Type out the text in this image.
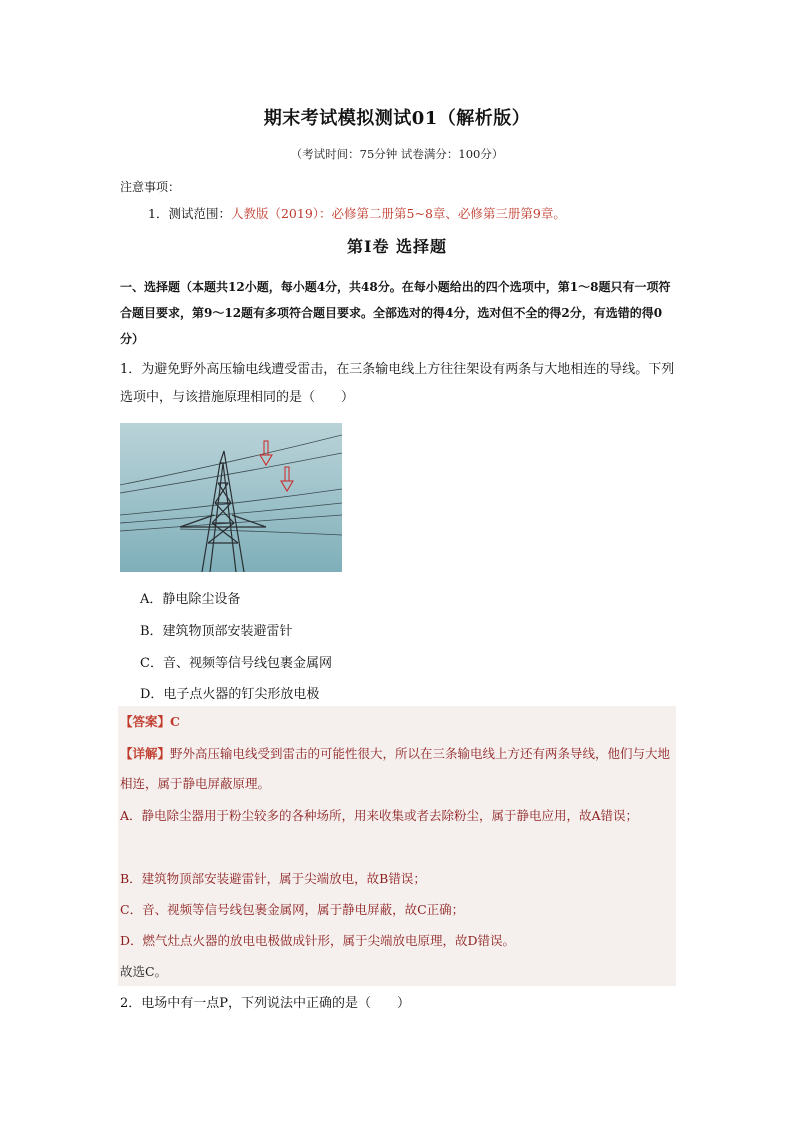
期末考试模拟测试01（解析版）
（考试时间：75分钟 试卷满分：100分）
注意事项：
1．测试范围：人教版（2019）：必修第二册第5~8章、必修第三册第9章。
第Ⅰ卷 选择题
一、选择题（本题共12小题，每小题4分，共48分。在每小题给出的四个选项中，第1～8题只有一项符合题目要求，第9～12题有多项符合题目要求。全部选对的得4分，选对但不全的得2分，有选错的得0分）
1．为避免野外高压输电线遭受雷击，在三条输电线上方往往架设有两条与大地相连的导线。下列选项中，与该措施原理相同的是（　　）
A．静电除尘设备
B．建筑物顶部安装避雷针
C．音、视频等信号线包裹金属网
D．电子点火器的钉尖形放电极
【答案】C
【详解】野外高压输电线受到雷击的可能性很大，所以在三条输电线上方还有两条导线，他们与大地相连，属于静电屏蔽原理。
A．静电除尘器用于粉尘较多的各种场所，用来收集或者去除粉尘，属于静电应用，故A错误；
B．建筑物顶部安装避雷针，属于尖端放电，故B错误；
C．音、视频等信号线包裹金属网，属于静电屏蔽，故C正确；
D．燃气灶点火器的放电电极做成针形，属于尖端放电原理，故D错误。
故选C。
2．电场中有一点P，下列说法中正确的是（　　）
